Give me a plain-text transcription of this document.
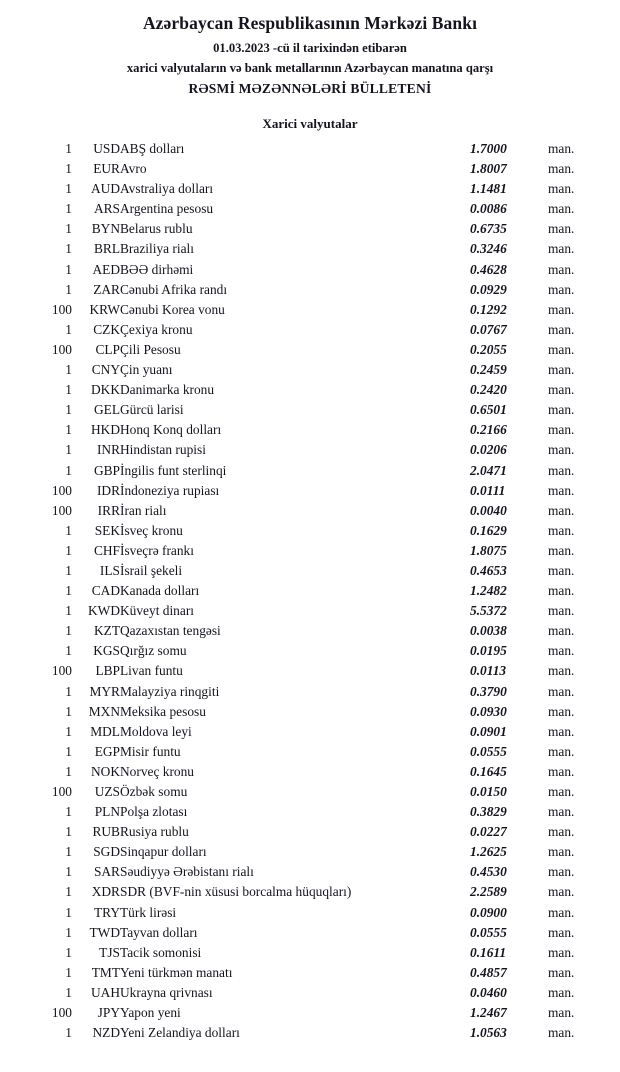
Azərbaycan Respublikasının Mərkəzi Bankı
01.03.2023 -cü il tarixindən etibarən
xarici valyutaların və bank metallarının Azərbaycan manatına qarşı
RƏSMİ MƏZƏNNƏLƏRİ BÜLLETENİ
Xarici valyutalar
1	USD	ABŞ dolları	1.7000	man.
1	EUR	Avro	1.8007	man.
1	AUD	Avstraliya dolları	1.1481	man.
1	ARS	Argentina pesosu	0.0086	man.
1	BYN	Belarus rublu	0.6735	man.
1	BRL	Braziliya rialı	0.3246	man.
1	AED	BƏƏ dirhəmi	0.4628	man.
1	ZAR	Cənubi Afrika randı	0.0929	man.
100	KRW	Cənubi Korea vonu	0.1292	man.
1	CZK	Çexiya kronu	0.0767	man.
100	CLP	Çili Pesosu	0.2055	man.
1	CNY	Çin yuanı	0.2459	man.
1	DKK	Danimarka kronu	0.2420	man.
1	GEL	Gürcü larisi	0.6501	man.
1	HKD	Honq Konq dolları	0.2166	man.
1	INR	Hindistan rupisi	0.0206	man.
1	GBP	İngilis funt sterlinqi	2.0471	man.
100	IDR	İndoneziya rupiası	0.0111	man.
100	IRR	İran rialı	0.0040	man.
1	SEK	İsveç kronu	0.1629	man.
1	CHF	İsveçrə frankı	1.8075	man.
1	ILS	İsrail şekeli	0.4653	man.
1	CAD	Kanada dolları	1.2482	man.
1	KWD	Küveyt dinarı	5.5372	man.
1	KZT	Qazaxıstan tengəsi	0.0038	man.
1	KGS	Qırğız somu	0.0195	man.
100	LBP	Livan funtu	0.0113	man.
1	MYR	Malayziya rinqgiti	0.3790	man.
1	MXN	Meksika pesosu	0.0930	man.
1	MDL	Moldova leyi	0.0901	man.
1	EGP	Misir funtu	0.0555	man.
1	NOK	Norveç kronu	0.1645	man.
100	UZS	Özbək somu	0.0150	man.
1	PLN	Polşa zlotası	0.3829	man.
1	RUB	Rusiya rublu	0.0227	man.
1	SGD	Sinqapur dolları	1.2625	man.
1	SAR	Səudiyyə Ərəbistanı rialı	0.4530	man.
1	XDR	SDR (BVF-nin xüsusi borcalma hüquqları)	2.2589	man.
1	TRY	Türk lirəsi	0.0900	man.
1	TWD	Tayvan dolları	0.0555	man.
1	TJS	Tacik somonisi	0.1611	man.
1	TMT	Yeni türkmən manatı	0.4857	man.
1	UAH	Ukrayna qrivnası	0.0460	man.
100	JPY	Yapon yeni	1.2467	man.
1	NZD	Yeni Zelandiya dolları	1.0563	man.
